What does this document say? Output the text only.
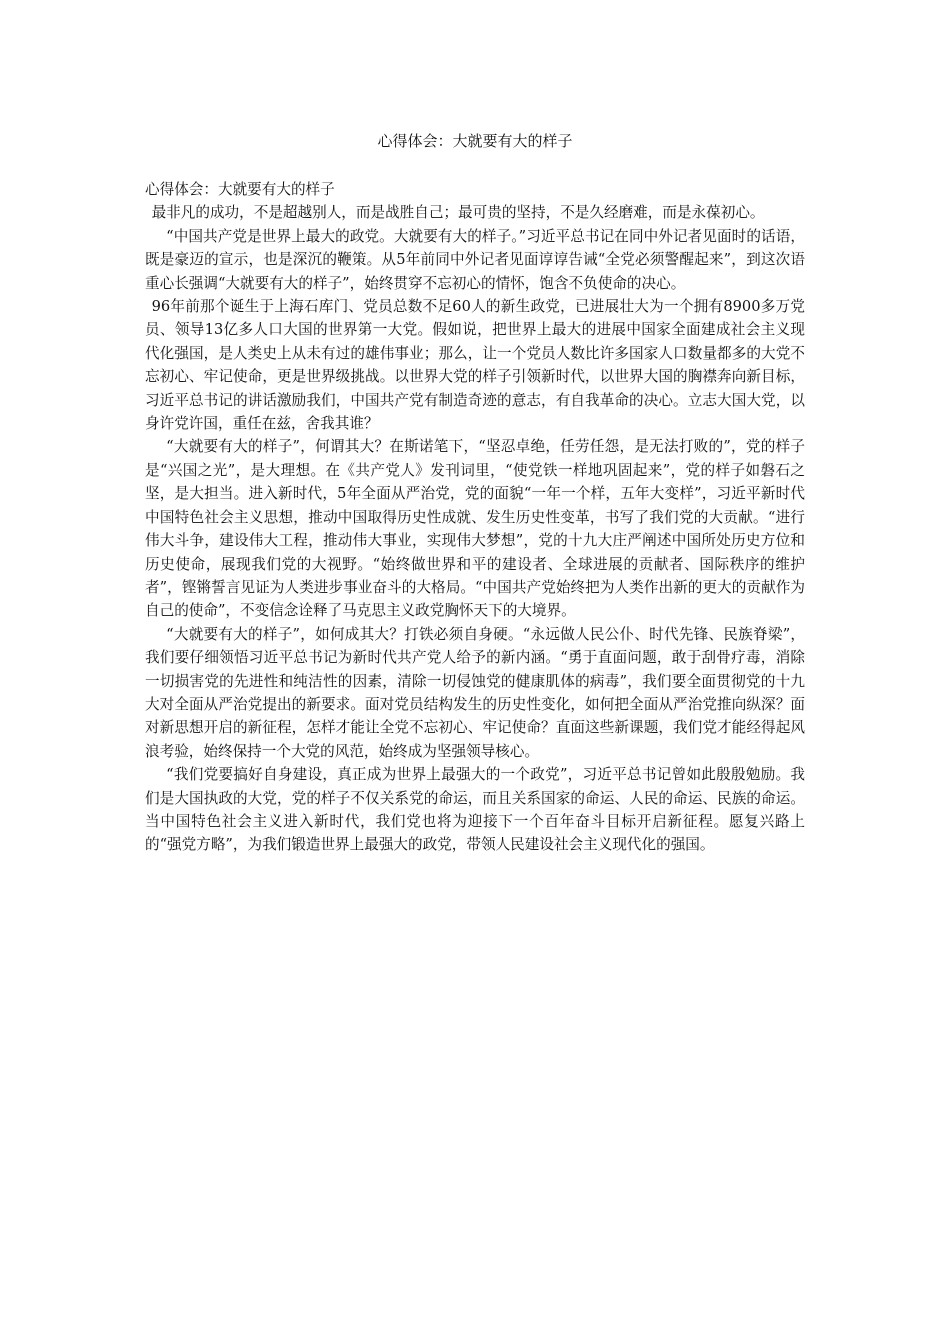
心得体会：大就要有大的样子

心得体会：大就要有大的样子

最非凡的成功，不是超越别人，而是战胜自己；最可贵的坚持，不是久经磨难，而是永葆初心。

“中国共产党是世界上最大的政党。大就要有大的样子。”习近平总书记在同中外记者见面时的话语，既是豪迈的宣示，也是深沉的鞭策。从5年前同中外记者见面谆谆告诫“全党必须警醒起来”，到这次语重心长强调“大就要有大的样子”，始终贯穿不忘初心的情怀，饱含不负使命的决心。

96年前那个诞生于上海石库门、党员总数不足60人的新生政党，已进展壮大为一个拥有8900多万党员、领导13亿多人口大国的世界第一大党。假如说，把世界上最大的进展中国家全面建成社会主义现代化强国，是人类史上从未有过的雄伟事业；那么，让一个党员人数比许多国家人口数量都多的大党不忘初心、牢记使命，更是世界级挑战。以世界大党的样子引领新时代，以世界大国的胸襟奔向新目标，习近平总书记的讲话激励我们，中国共产党有制造奇迹的意志，有自我革命的决心。立志大国大党，以身许党许国，重任在兹，舍我其谁？

“大就要有大的样子”，何谓其大？在斯诺笔下，“坚忍卓绝，任劳任怨，是无法打败的”，党的样子是“兴国之光”，是大理想。在《共产党人》发刊词里，“使党铁一样地巩固起来”，党的样子如磐石之坚，是大担当。进入新时代，5年全面从严治党，党的面貌“一年一个样，五年大变样”，习近平新时代中国特色社会主义思想，推动中国取得历史性成就、发生历史性变革，书写了我们党的大贡献。“进行伟大斗争，建设伟大工程，推动伟大事业，实现伟大梦想”，党的十九大庄严阐述中国所处历史方位和历史使命，展现我们党的大视野。“始终做世界和平的建设者、全球进展的贡献者、国际秩序的维护者”，铿锵誓言见证为人类进步事业奋斗的大格局。“中国共产党始终把为人类作出新的更大的贡献作为自己的使命”，不变信念诠释了马克思主义政党胸怀天下的大境界。

“大就要有大的样子”，如何成其大？打铁必须自身硬。“永远做人民公仆、时代先锋、民族脊梁”，我们要仔细领悟习近平总书记为新时代共产党人给予的新内涵。“勇于直面问题，敢于刮骨疗毒，消除一切损害党的先进性和纯洁性的因素，清除一切侵蚀党的健康肌体的病毒”，我们要全面贯彻党的十九大对全面从严治党提出的新要求。面对党员结构发生的历史性变化，如何把全面从严治党推向纵深？面对新思想开启的新征程，怎样才能让全党不忘初心、牢记使命？直面这些新课题，我们党才能经得起风浪考验，始终保持一个大党的风范，始终成为坚强领导核心。

“我们党要搞好自身建设，真正成为世界上最强大的一个政党”，习近平总书记曾如此殷殷勉励。我们是大国执政的大党，党的样子不仅关系党的命运，而且关系国家的命运、人民的命运、民族的命运。当中国特色社会主义进入新时代，我们党也将为迎接下一个百年奋斗目标开启新征程。愿复兴路上的“强党方略”，为我们锻造世界上最强大的政党，带领人民建设社会主义现代化的强国。
